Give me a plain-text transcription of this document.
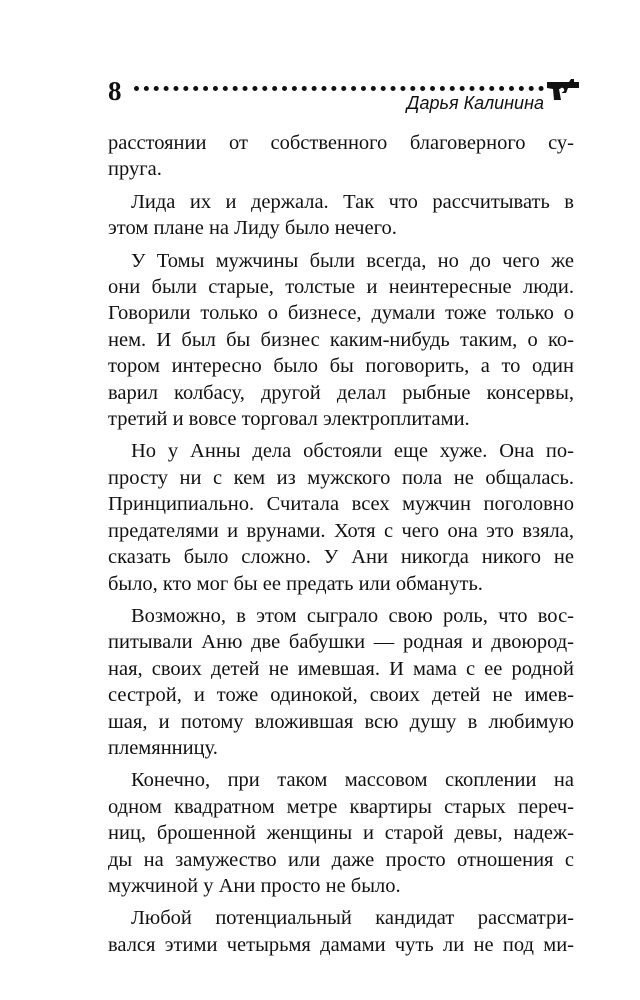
8	Дарья Калинина
расстоянии от собственного благоверного су-
пруга.
Лида их и держала. Так что рассчитывать в
этом плане на Лиду было нечего.
У Томы мужчины были всегда, но до чего же
они были старые, толстые и неинтересные люди.
Говорили только о бизнесе, думали тоже только о
нем. И был бы бизнес каким-нибудь таким, о ко-
тором интересно было бы поговорить, а то один
варил колбасу, другой делал рыбные консервы,
третий и вовсе торговал электроплитами.
Но у Анны дела обстояли еще хуже. Она по-
просту ни с кем из мужского пола не общалась.
Принципиально. Считала всех мужчин поголовно
предателями и врунами. Хотя с чего она это взяла,
сказать было сложно. У Ани никогда никого не
было, кто мог бы ее предать или обмануть.
Возможно, в этом сыграло свою роль, что вос-
питывали Аню две бабушки — родная и двоюрод-
ная, своих детей не имевшая. И мама с ее родной
сестрой, и тоже одинокой, своих детей не имев-
шая, и потому вложившая всю душу в любимую
племянницу.
Конечно, при таком массовом скоплении на
одном квадратном метре квартиры старых переч-
ниц, брошенной женщины и старой девы, надеж-
ды на замужество или даже просто отношения с
мужчиной у Ани просто не было.
Любой потенциальный кандидат рассматри-
вался этими четырьмя дамами чуть ли не под ми-
